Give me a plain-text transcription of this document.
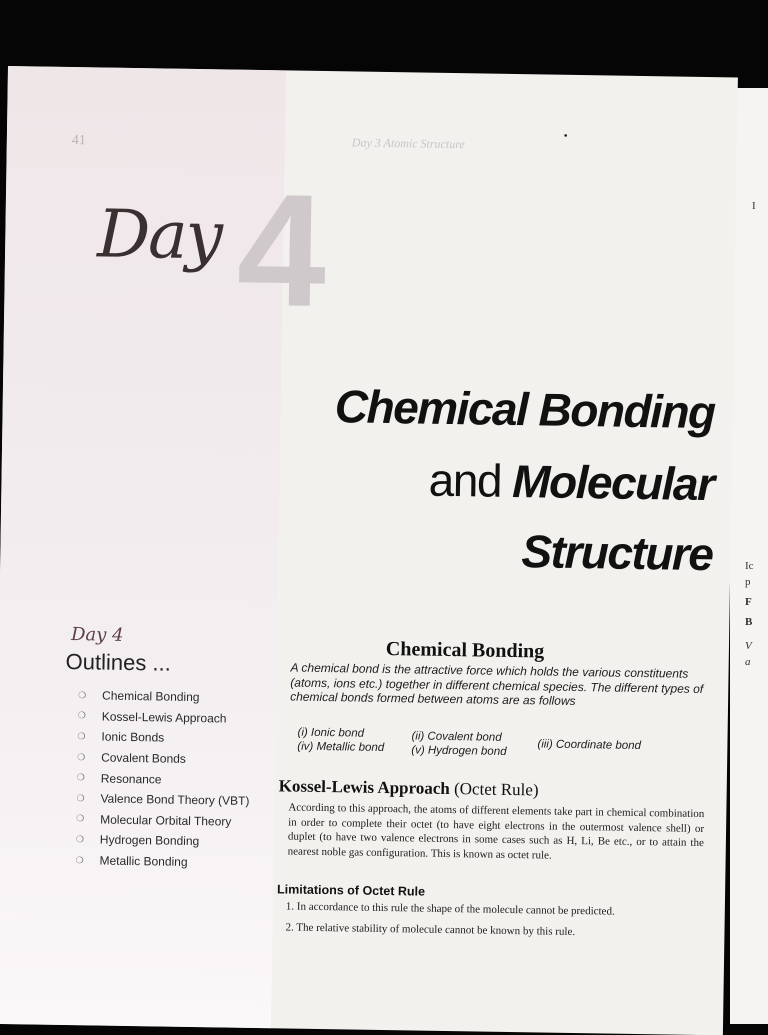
I
Ic
p
F
B
V
a
41	Day 3 Atomic Structure	•
Day 4
Chemical Bonding
and Molecular
Structure
Day 4
Outlines ...
❍	Chemical Bonding
❍	Kossel-Lewis Approach
❍	Ionic Bonds
❍	Covalent Bonds
❍	Resonance
❍	Valence Bond Theory (VBT)
❍	Molecular Orbital Theory
❍	Hydrogen Bonding
❍	Metallic Bonding
Chemical Bonding
A chemical bond is the attractive force which holds the various constituents (atoms, ions etc.) together in different chemical species. The different types of chemical bonds formed between atoms are as follows
(i) Ionic bond	(ii) Covalent bond
(iii) Coordinate bond
(iv) Metallic bond (v) Hydrogen bond
Kossel-Lewis Approach (Octet Rule)
According to this approach, the atoms of different elements take part in chemical combination in order to complete their octet (to have eight electrons in the outermost valence shell) or duplet (to have two valence electrons in some cases such as H, Li, Be etc., or to attain the nearest noble gas configuration. This is known as octet rule.
Limitations of Octet Rule
1. In accordance to this rule the shape of the molecule cannot be predicted.
2. The relative stability of molecule cannot be known by this rule.
